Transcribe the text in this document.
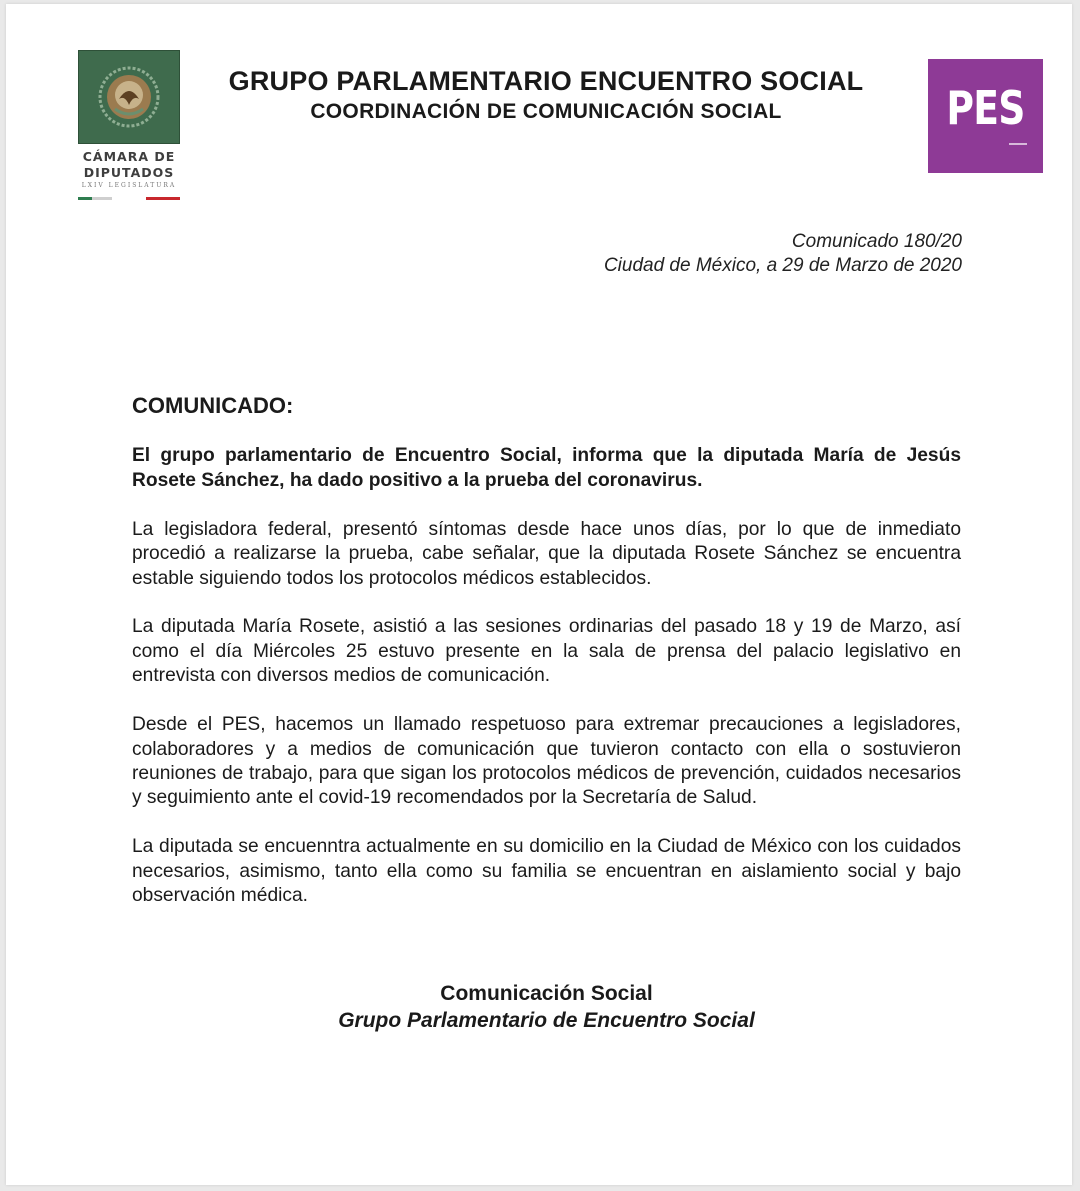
CÁMARA DE
DIPUTADOS
LXIV LEGISLATURA
PES
GRUPO PARLAMENTARIO ENCUENTRO SOCIAL
COORDINACIÓN DE COMUNICACIÓN SOCIAL
Comunicado 180/20
Ciudad de México, a 29 de Marzo de 2020
COMUNICADO:

El grupo parlamentario de Encuentro Social, informa que la diputada María de Jesús Rosete Sánchez, ha dado positivo a la prueba del coronavirus.

La legisladora federal, presentó síntomas desde hace unos días, por lo que de inmediato procedió a realizarse la prueba, cabe señalar, que la diputada Rosete Sánchez se encuentra estable siguiendo todos los protocolos médicos establecidos.

La diputada María Rosete, asistió a las sesiones ordinarias del pasado 18 y 19 de Marzo, así como el día Miércoles 25 estuvo presente en la sala de prensa del palacio legislativo en entrevista con diversos medios de comunicación.

Desde el PES, hacemos un llamado respetuoso para extremar precauciones a legisladores, colaboradores y a medios de comunicación que tuvieron contacto con ella o sostuvieron reuniones de trabajo, para que sigan los protocolos médicos de prevención, cuidados necesarios y seguimiento ante el covid-19 recomendados por la Secretaría de Salud.

La diputada se encuenntra actualmente en su domicilio en la Ciudad de México con los cuidados necesarios, asimismo, tanto ella como su familia se encuentran en aislamiento social y bajo observación médica.

Comunicación Social
Grupo Parlamentario de Encuentro Social
